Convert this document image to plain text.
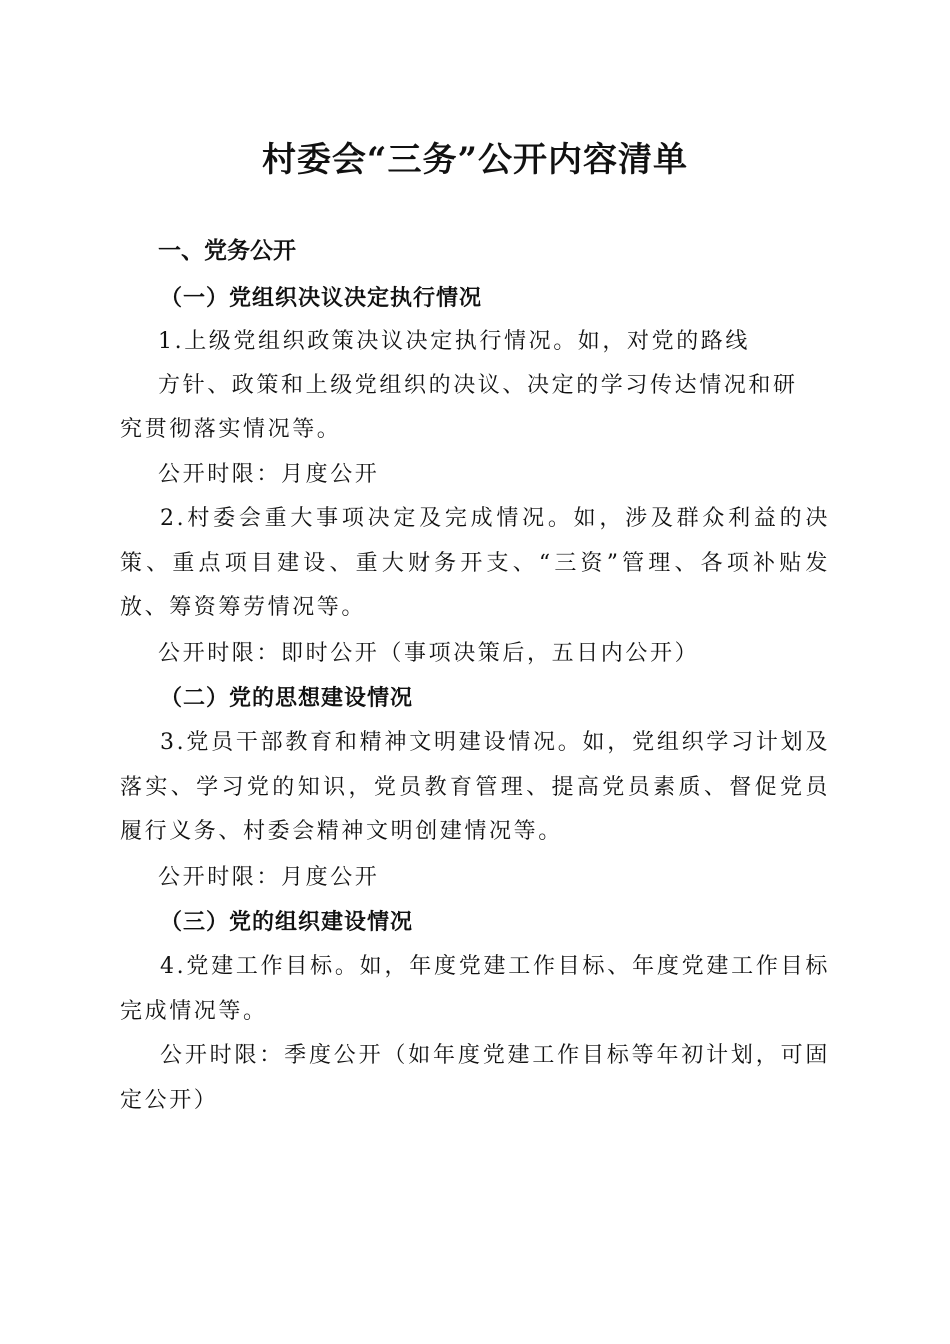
村委会“三务”公开内容清单
一、党务公开
（一）党组织决议决定执行情况
1.上级党组织政策决议决定执行情况。如，对党的路线
方针、政策和上级党组织的决议、决定的学习传达情况和研
究贯彻落实情况等。
公开时限：月度公开

2.村委会重大事项决定及完成情况。如，涉及群众利益的决策、重点项目建设、重大财务开支、“三资”管理、各项补贴发放、筹资筹劳情况等。

公开时限：即时公开（事项决策后，五日内公开）
（二）党的思想建设情况

3.党员干部教育和精神文明建设情况。如，党组织学习计划及落实、学习党的知识，党员教育管理、提高党员素质、督促党员履行义务、村委会精神文明创建情况等。

公开时限：月度公开
（三）党的组织建设情况

4.党建工作目标。如，年度党建工作目标、年度党建工作目标完成情况等。

公开时限：季度公开（如年度党建工作目标等年初计划，可固定公开）
